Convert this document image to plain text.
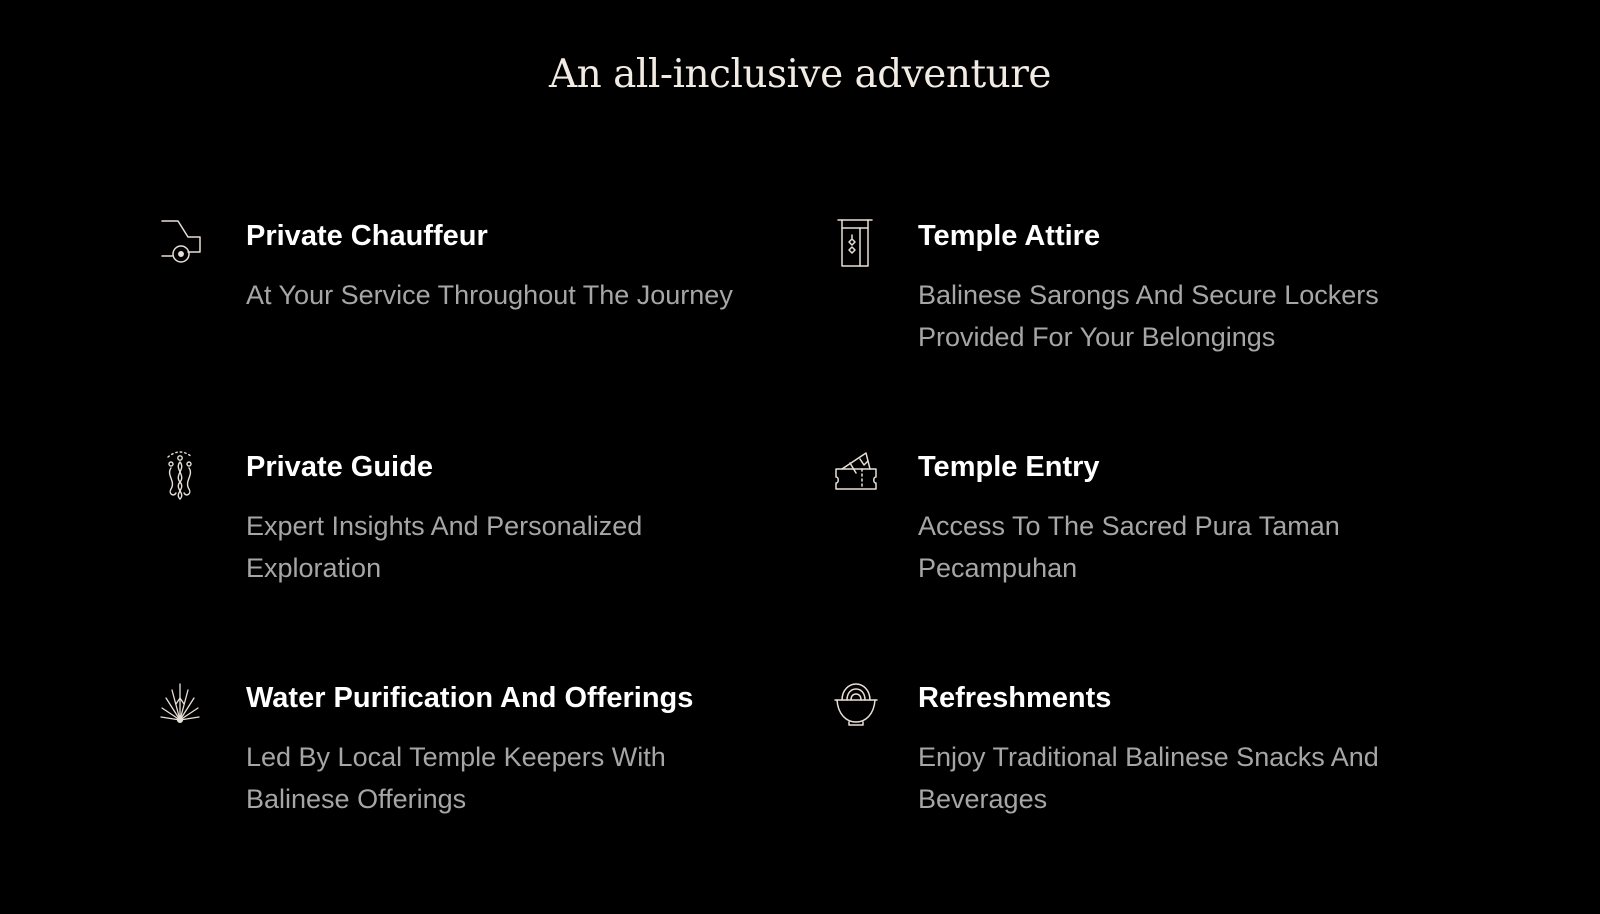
An all-inclusive adventure
Private Chauffeur

At Your Service Throughout The Journey

Temple Attire

Balinese Sarongs And Secure Lockers Provided For Your Belongings

Private Guide

Expert Insights And Personalized Exploration

Temple Entry

Access To The Sacred Pura Taman Pecampuhan

Water Purification And Offerings

Led By Local Temple Keepers With Balinese Offerings

Refreshments

Enjoy Traditional Balinese Snacks And Beverages
